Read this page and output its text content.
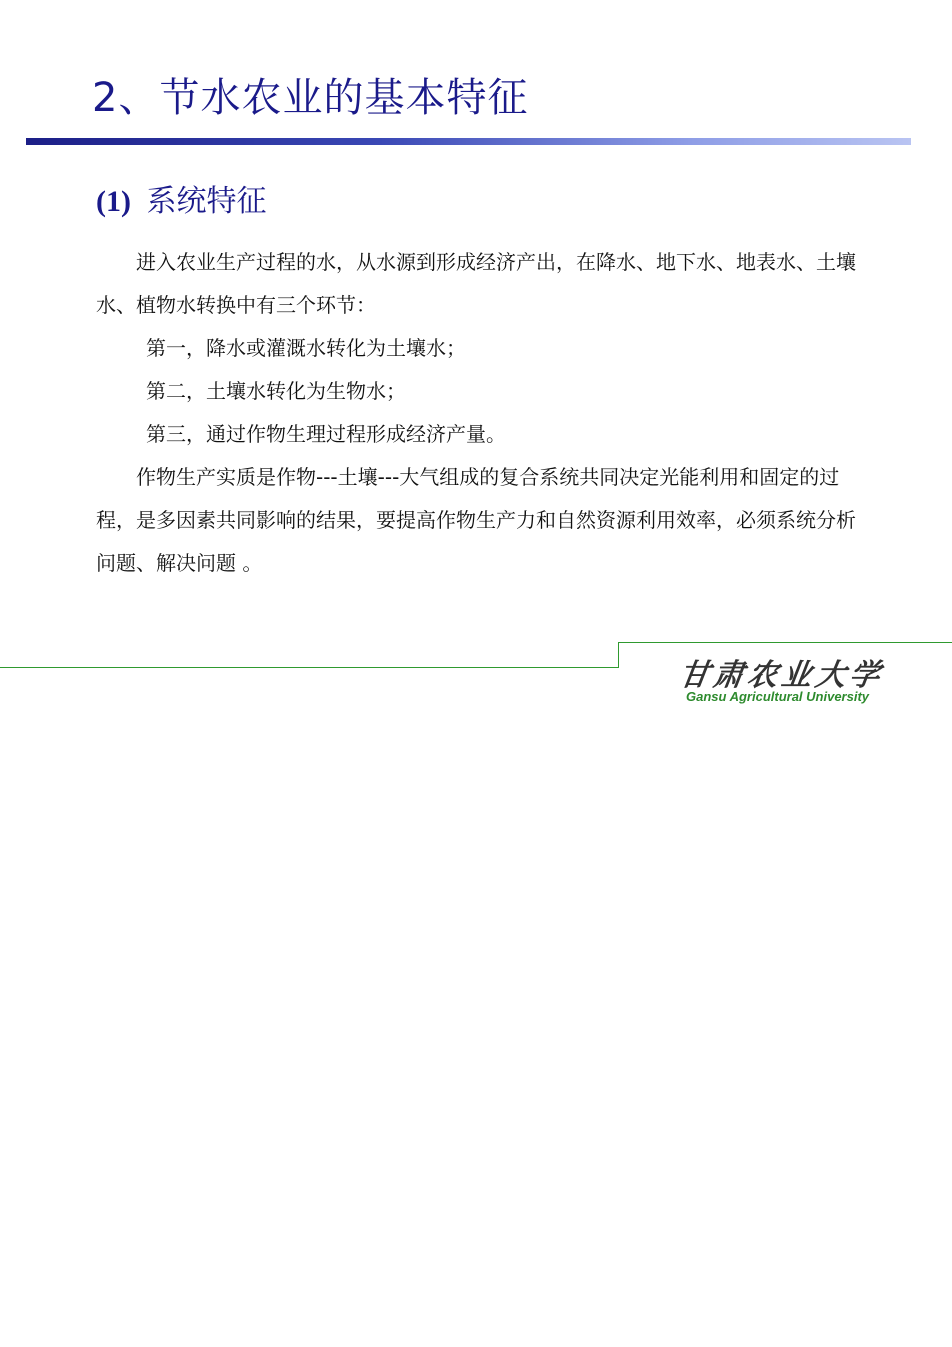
2、节水农业的基本特征
(1) 系统特征

进入农业生产过程的水，从水源到形成经济产出，在降水、地下水、地表水、土壤水、植物水转换中有三个环节：

第一，降水或灌溉水转化为土壤水；

第二，土壤水转化为生物水；

第三，通过作物生理过程形成经济产量。

作物生产实质是作物---土壤---大气组成的复合系统共同决定光能利用和固定的过程，是多因素共同影响的结果，要提高作物生产力和自然资源利用效率，必须系统分析问题、解决问题 。

甘肃农业大学
Gansu Agricultural University
